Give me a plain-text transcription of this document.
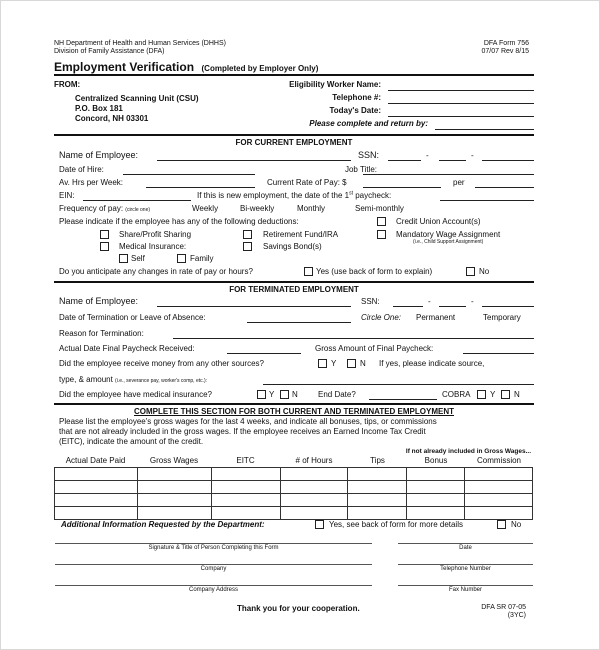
NH Department of Health and Human Services (DHHS)
Division of Family Assistance (DFA)
DFA Form 756
07/07 Rev 8/15
Employment Verification (Completed by Employer Only)
FROM:
Centralized Scanning Unit (CSU)
P.O. Box 181
Concord, NH 03301
Eligibility Worker Name:
Telephone #:
Today's Date:
Please complete and return by:
FOR CURRENT EMPLOYMENT
Name of Employee:	SSN:	-	-
Date of Hire:	Job Title:
Av. Hrs per Week:	Current Rate of Pay: $	per
EIN:	If this is new employment, the date of the 1st paycheck:
Frequency of pay: (circle one)	Weekly	Bi-weekly	Monthly	Semi-monthly
Please indicate if the employee has any of the following deductions:	Credit Union Account(s)
Share/Profit Sharing	Retirement Fund/IRA	Mandatory Wage Assignment
(i.e., Child Support Assignment)
Medical Insurance:	Savings Bond(s)
Self	Family
Do you anticipate any changes in rate of pay or hours?	Yes (use back of form to explain)	No
FOR TERMINATED EMPLOYMENT
Name of Employee:	SSN:	-	-
Date of Termination or Leave of Absence:	Circle One: Permanent	Temporary
Reason for Termination:
Actual Date Final Paycheck Received:	Gross Amount of Final Paycheck:
Did the employee receive money from any other sources?	Y	N If yes, please indicate source,
type, & amount (i.e., severance pay, worker's comp, etc.):
Did the employee have medical insurance?	Y N	End Date?	COBRA Y N
COMPLETE THIS SECTION FOR BOTH CURRENT AND TERMINATED EMPLOYMENT
Please list the employee's gross wages for the last 4 weeks, and indicate all bonuses, tips, or commissions
that are not already included in the gross wages. If the employee receives an Earned Income Tax Credit
(EITC), indicate the amount of the credit.
If not already included in Gross Wages...
Actual Date Paid	Gross Wages	EITC	# of Hours	Tips	Bonus	Commission

Additional Information Requested by the Department:	Yes, see back of form for more details	No
Signature & Title of Person Completing this Form	Date
Company	Telephone Number
Company Address	Fax Number
Thank you for your cooperation.	DFA SR 07-05
(3YC)
